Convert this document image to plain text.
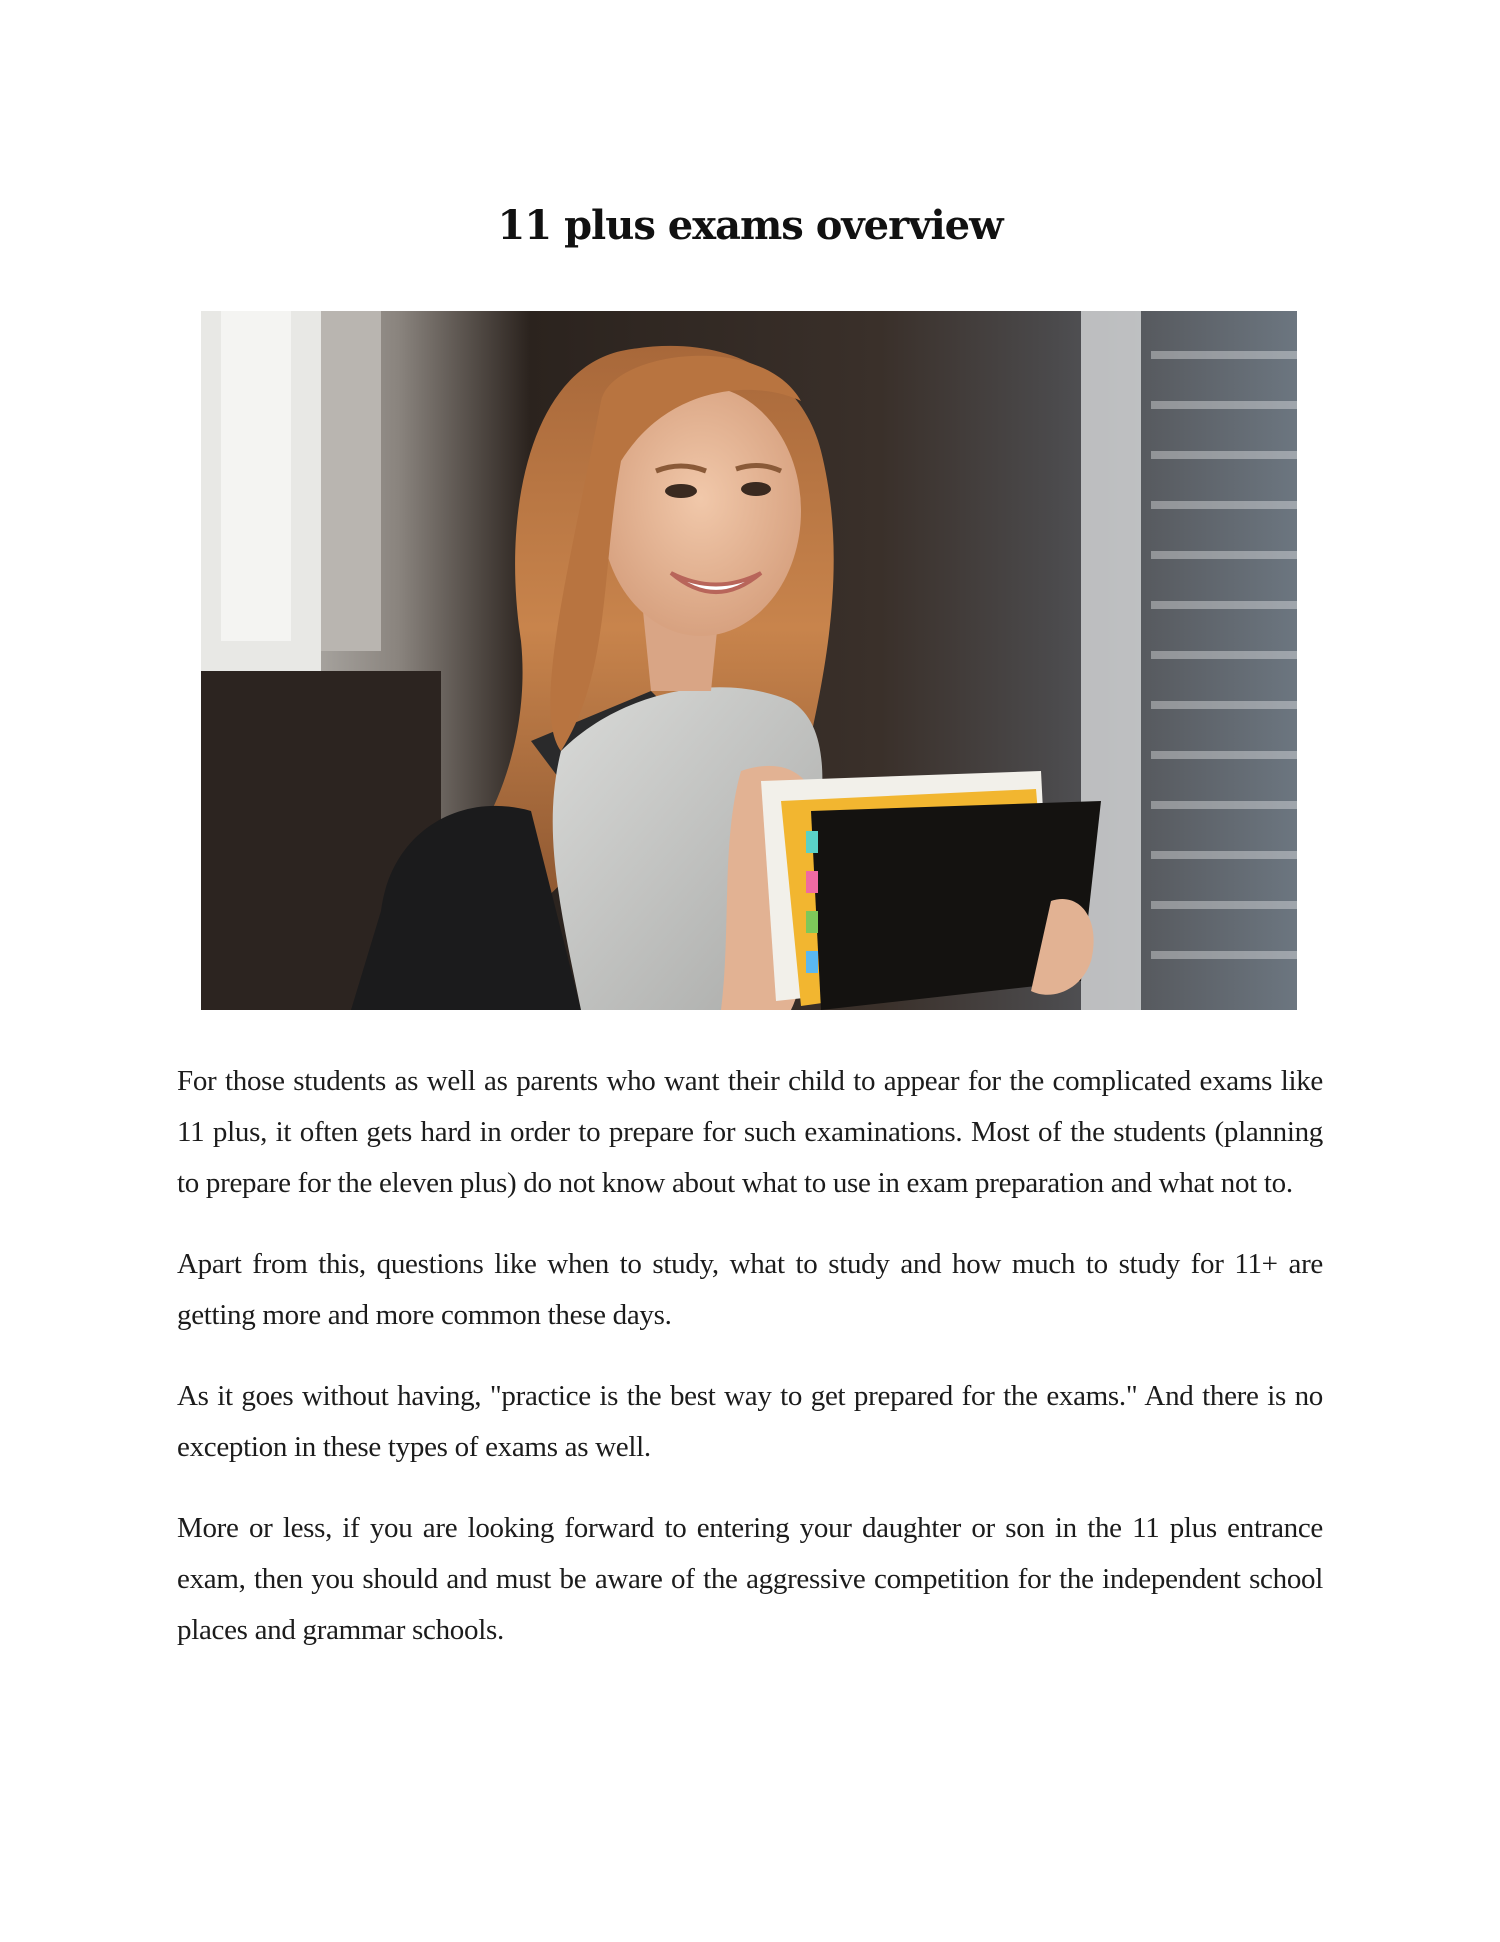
11 plus exams overview

For those students as well as parents who want their child to appear for the complicated exams like 11 plus, it often gets hard in order to prepare for such examinations. Most of the students (planning to prepare for the eleven plus) do not know about what to use in exam preparation and what not to.

Apart from this, questions like when to study, what to study and how much to study for 11+ are getting more and more common these days.

As it goes without having, "practice is the best way to get prepared for the exams." And there is no exception in these types of exams as well.

More or less, if you are looking forward to entering your daughter or son in the 11 plus entrance exam, then you should and must be aware of the aggressive competition for the independent school places and grammar schools.
